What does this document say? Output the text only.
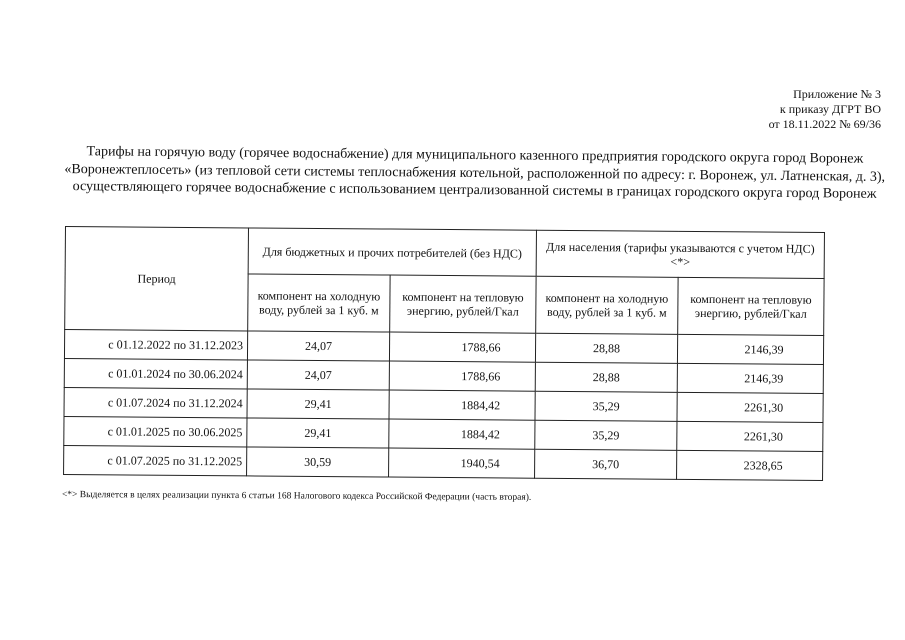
Приложение № 3
к приказу ДГРТ ВО
от 18.11.2022 № 69/36
Тарифы на горячую воду (горячее водоснабжение) для муниципального казенного предприятия городского округа город Воронеж «Воронежтеплосеть» (из тепловой сети системы теплоснабжения котельной, расположенной по адресу: г. Воронеж, ул. Латненская, д. 3), осуществляющего горячее водоснабжение с использованием централизованной системы в границах городского округа город Воронеж
Период	Для бюджетных и прочих потребителей (без НДС)		Для населения (тарифы указываются с учетом НДС) <*>	
	компонент на холодную воду, рублей за 1 куб. м	компонент на тепловую энергию, рублей/Гкал	компонент на холодную воду, рублей за 1 куб. м	компонент на тепловую энергию, рублей/Гкал
с 01.12.2022 по 31.12.2023	24,07	1788,66	28,88	2146,39
с 01.01.2024 по 30.06.2024	24,07	1788,66	28,88	2146,39
с 01.07.2024 по 31.12.2024	29,41	1884,42	35,29	2261,30
с 01.01.2025 по 30.06.2025	29,41	1884,42	35,29	2261,30
с 01.07.2025 по 31.12.2025	30,59	1940,54	36,70	2328,65
<*> Выделяется в целях реализации пункта 6 статьи 168 Налогового кодекса Российской Федерации (часть вторая).
